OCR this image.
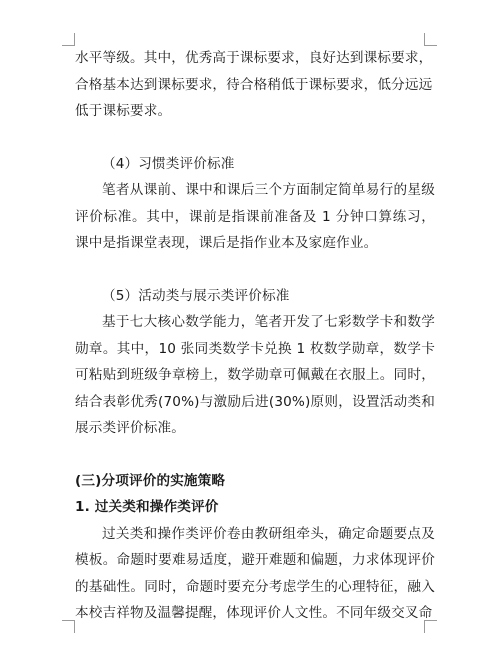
水平等级。其中，优秀高于课标要求，良好达到课标要求，

合格基本达到课标要求，待合格稍低于课标要求，低分远远

低于课标要求。

（4）习惯类评价标准

笔者从课前、课中和课后三个方面制定简单易行的星级评价标准。其中，课前是指课前准备及 1 分钟口算练习，课中是指课堂表现，课后是指作业本及家庭作业。

（5）活动类与展示类评价标准

基于七大核心数学能力，笔者开发了七彩数学卡和数学勋章。其中，10 张同类数学卡兑换 1 枚数学勋章，数学卡可粘贴到班级争章榜上，数学勋章可佩戴在衣服上。同时，结合表彰优秀(70%)与激励后进(30%)原则，设置活动类和展示类评价标准。

(三)分项评价的实施策略

1. 过关类和操作类评价

过关类和操作类评价卷由教研组牵头，确定命题要点及模板。命题时要难易适度，避开难题和偏题，力求体现评价的基础性。同时，命题时要充分考虑学生的心理特征，融入本校吉祥物及温馨提醒，体现评价人文性。不同年级交叉命
